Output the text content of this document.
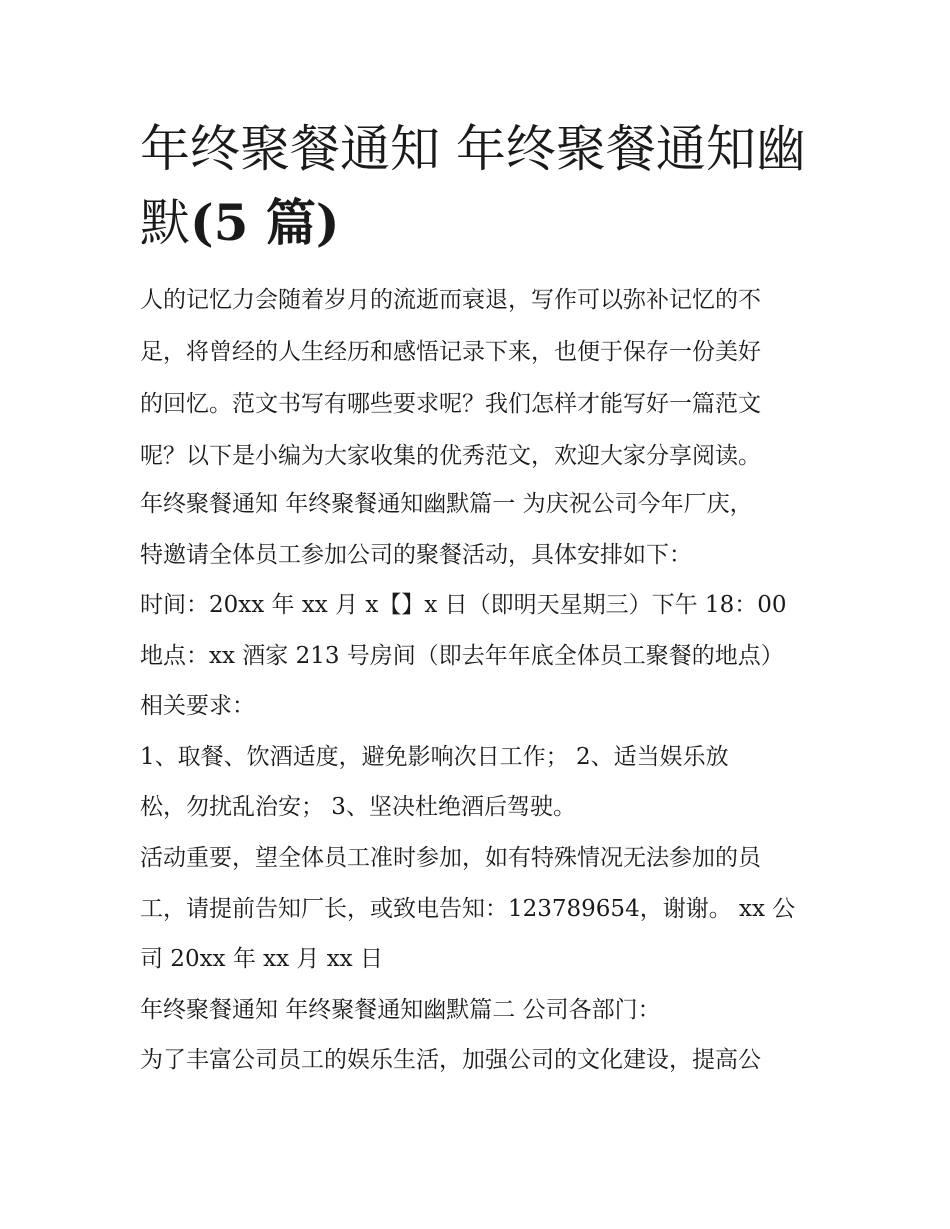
年终聚餐通知 年终聚餐通知幽
默(5 篇)

人的记忆力会随着岁月的流逝而衰退，写作可以弥补记忆的不

足，将曾经的人生经历和感悟记录下来，也便于保存一份美好

的回忆。范文书写有哪些要求呢？我们怎样才能写好一篇范文

呢？以下是小编为大家收集的优秀范文，欢迎大家分享阅读。

年终聚餐通知 年终聚餐通知幽默篇一 为庆祝公司今年厂庆，

特邀请全体员工参加公司的聚餐活动，具体安排如下：

时间：20xx 年 xx 月 x【】x 日（即明天星期三）下午 18：00

地点：xx 酒家 213 号房间（即去年年底全体员工聚餐的地点）

相关要求：

1、取餐、饮酒适度，避免影响次日工作； 2、适当娱乐放

松，勿扰乱治安； 3、坚决杜绝酒后驾驶。

活动重要，望全体员工准时参加，如有特殊情况无法参加的员

工，请提前告知厂长，或致电告知：123789654，谢谢。 xx 公

司 20xx 年 xx 月 xx 日

年终聚餐通知 年终聚餐通知幽默篇二 公司各部门：

为了丰富公司员工的娱乐生活，加强公司的文化建设，提高公
